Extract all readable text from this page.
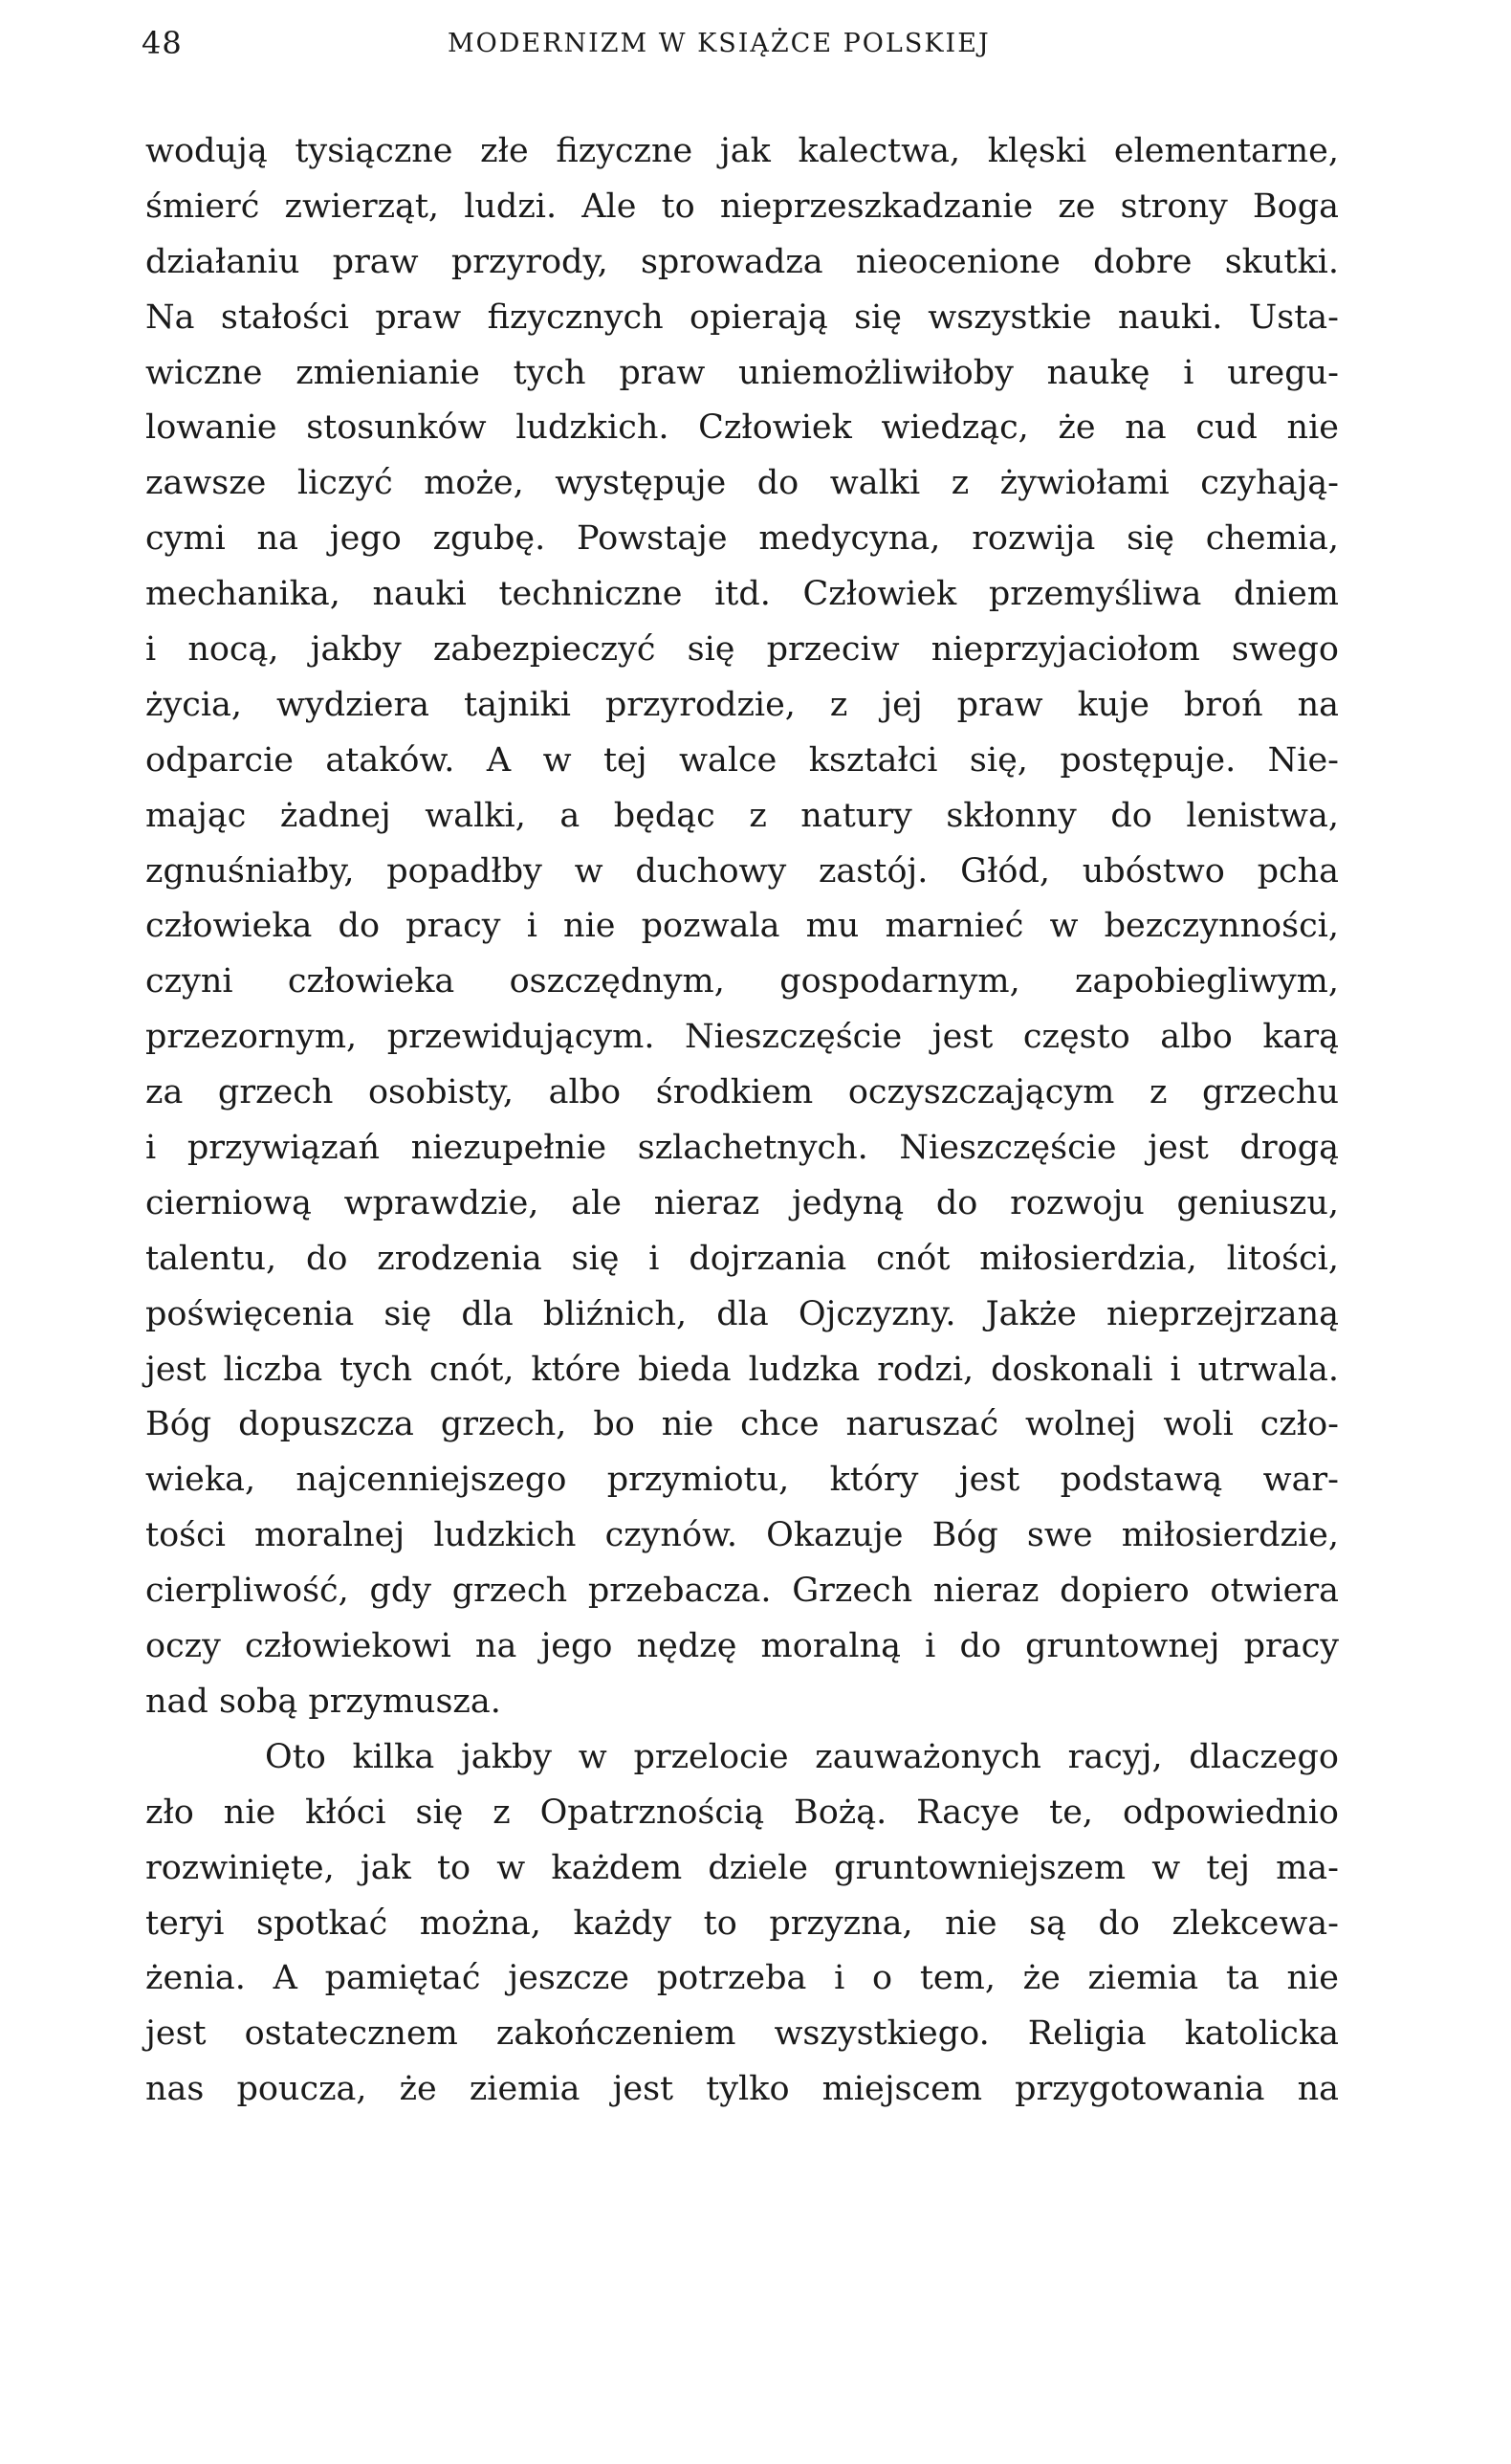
48	MODERNIZM W KSIĄŻCE POLSKIEJ
wodują tysiączne złe fizyczne jak kalectwa, klęski elementarne,
śmierć zwierząt, ludzi. Ale to nieprzeszkadzanie ze strony Boga
działaniu praw przyrody, sprowadza nieocenione dobre skutki.
Na stałości praw fizycznych opierają się wszystkie nauki. Usta-
wiczne zmienianie tych praw uniemożliwiłoby naukę i uregu-
lowanie stosunków ludzkich. Człowiek wiedząc, że na cud nie
zawsze liczyć może, występuje do walki z żywiołami czyhają-
cymi na jego zgubę. Powstaje medycyna, rozwija się chemia,
mechanika, nauki techniczne itd. Człowiek przemyśliwa dniem
i nocą, jakby zabezpieczyć się przeciw nieprzyjaciołom swego
życia, wydziera tajniki przyrodzie, z jej praw kuje broń na
odparcie ataków. A w tej walce kształci się, postępuje. Nie-
mając żadnej walki, a będąc z natury skłonny do lenistwa,
zgnuśniałby, popadłby w duchowy zastój. Głód, ubóstwo pcha
człowieka do pracy i nie pozwala mu marnieć w bezczynności,
czyni człowieka oszczędnym, gospodarnym, zapobiegliwym,
przezornym, przewidującym. Nieszczęście jest często albo karą
za grzech osobisty, albo środkiem oczyszczającym z grzechu
i przywiązań niezupełnie szlachetnych. Nieszczęście jest drogą
cierniową wprawdzie, ale nieraz jedyną do rozwoju geniuszu,
talentu, do zrodzenia się i dojrzania cnót miłosierdzia, litości,
poświęcenia się dla bliźnich, dla Ojczyzny. Jakże nieprzejrzaną
jest liczba tych cnót, które bieda ludzka rodzi, doskonali i utrwala.
Bóg dopuszcza grzech, bo nie chce naruszać wolnej woli czło-
wieka, najcenniejszego przymiotu, który jest podstawą war-
tości moralnej ludzkich czynów. Okazuje Bóg swe miłosierdzie,
cierpliwość, gdy grzech przebacza. Grzech nieraz dopiero otwiera
oczy człowiekowi na jego nędzę moralną i do gruntownej pracy
nad sobą przymusza.
Oto kilka jakby w przelocie zauważonych racyj, dlaczego
zło nie kłóci się z Opatrznością Bożą. Racye te, odpowiednio
rozwinięte, jak to w każdem dziele gruntowniejszem w tej ma-
teryi spotkać można, każdy to przyzna, nie są do zlekcewa-
żenia. A pamiętać jeszcze potrzeba i o tem, że ziemia ta nie
jest ostatecznem zakończeniem wszystkiego. Religia katolicka
nas poucza, że ziemia jest tylko miejscem przygotowania na
